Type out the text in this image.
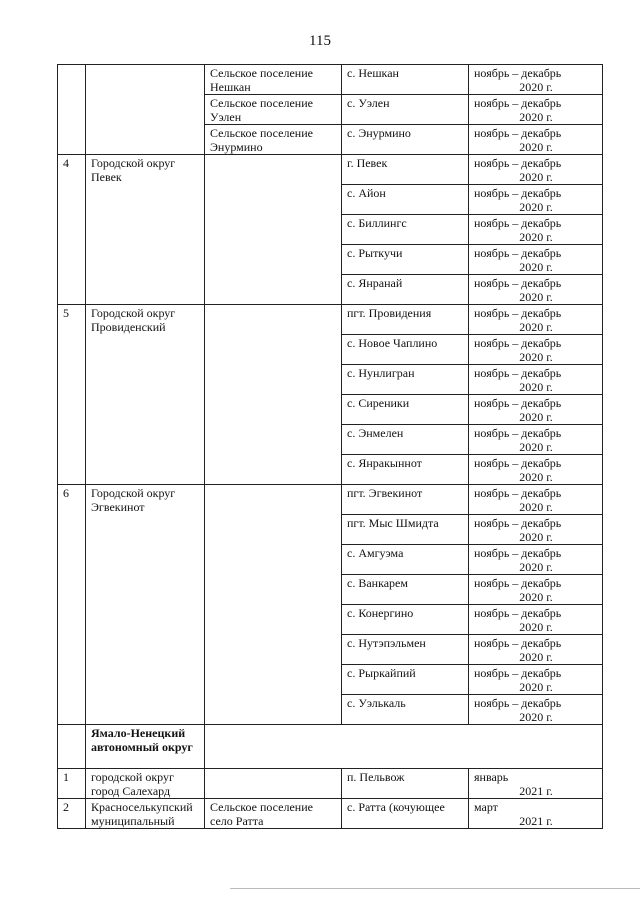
115
		Сельское поселение Нешкан	с. Нешкан	ноябрь – декабрь
2020 г.

		Сельское поселение Уэлен	с. Уэлен	ноябрь – декабрь
2020 г.

		Сельское поселение Энурмино	с. Энурмино	ноябрь – декабрь
2020 г.

4	Городской округ Певек		г. Певек	ноябрь – декабрь
2020 г.

			с. Айон	ноябрь – декабрь
2020 г.

			с. Биллингс	ноябрь – декабрь
2020 г.

			с. Рыткучи	ноябрь – декабрь
2020 г.

			с. Янранай	ноябрь – декабрь
2020 г.

5	Городской округ Провиденский		пгт. Провидения	ноябрь – декабрь
2020 г.

			с. Новое Чаплино	ноябрь – декабрь
2020 г.

			с. Нунлигран	ноябрь – декабрь
2020 г.

			с. Сиреники	ноябрь – декабрь
2020 г.

			с. Энмелен	ноябрь – декабрь
2020 г.

			с. Янракыннот	ноябрь – декабрь
2020 г.

6	Городской округ Эгвекинот		пгт. Эгвекинот	ноябрь – декабрь
2020 г.

			пгт. Мыс Шмидта	ноябрь – декабрь
2020 г.

			с. Амгуэма	ноябрь – декабрь
2020 г.

			с. Ванкарем	ноябрь – декабрь
2020 г.

			с. Конергино	ноябрь – декабрь
2020 г.

			с. Нутэпэльмен	ноябрь – декабрь
2020 г.

			с. Рыркайпий	ноябрь – декабрь
2020 г.

			с. Уэлькаль	ноябрь – декабрь
2020 г.

	Ямало-Ненецкий автономный округ			
1	городской округ город Салехард		п. Пельвож	январь
2021 г.

2	Красноселькупский муниципальный	Сельское поселение село Ратта	с. Ратта (кочующее	март
2021 г.
